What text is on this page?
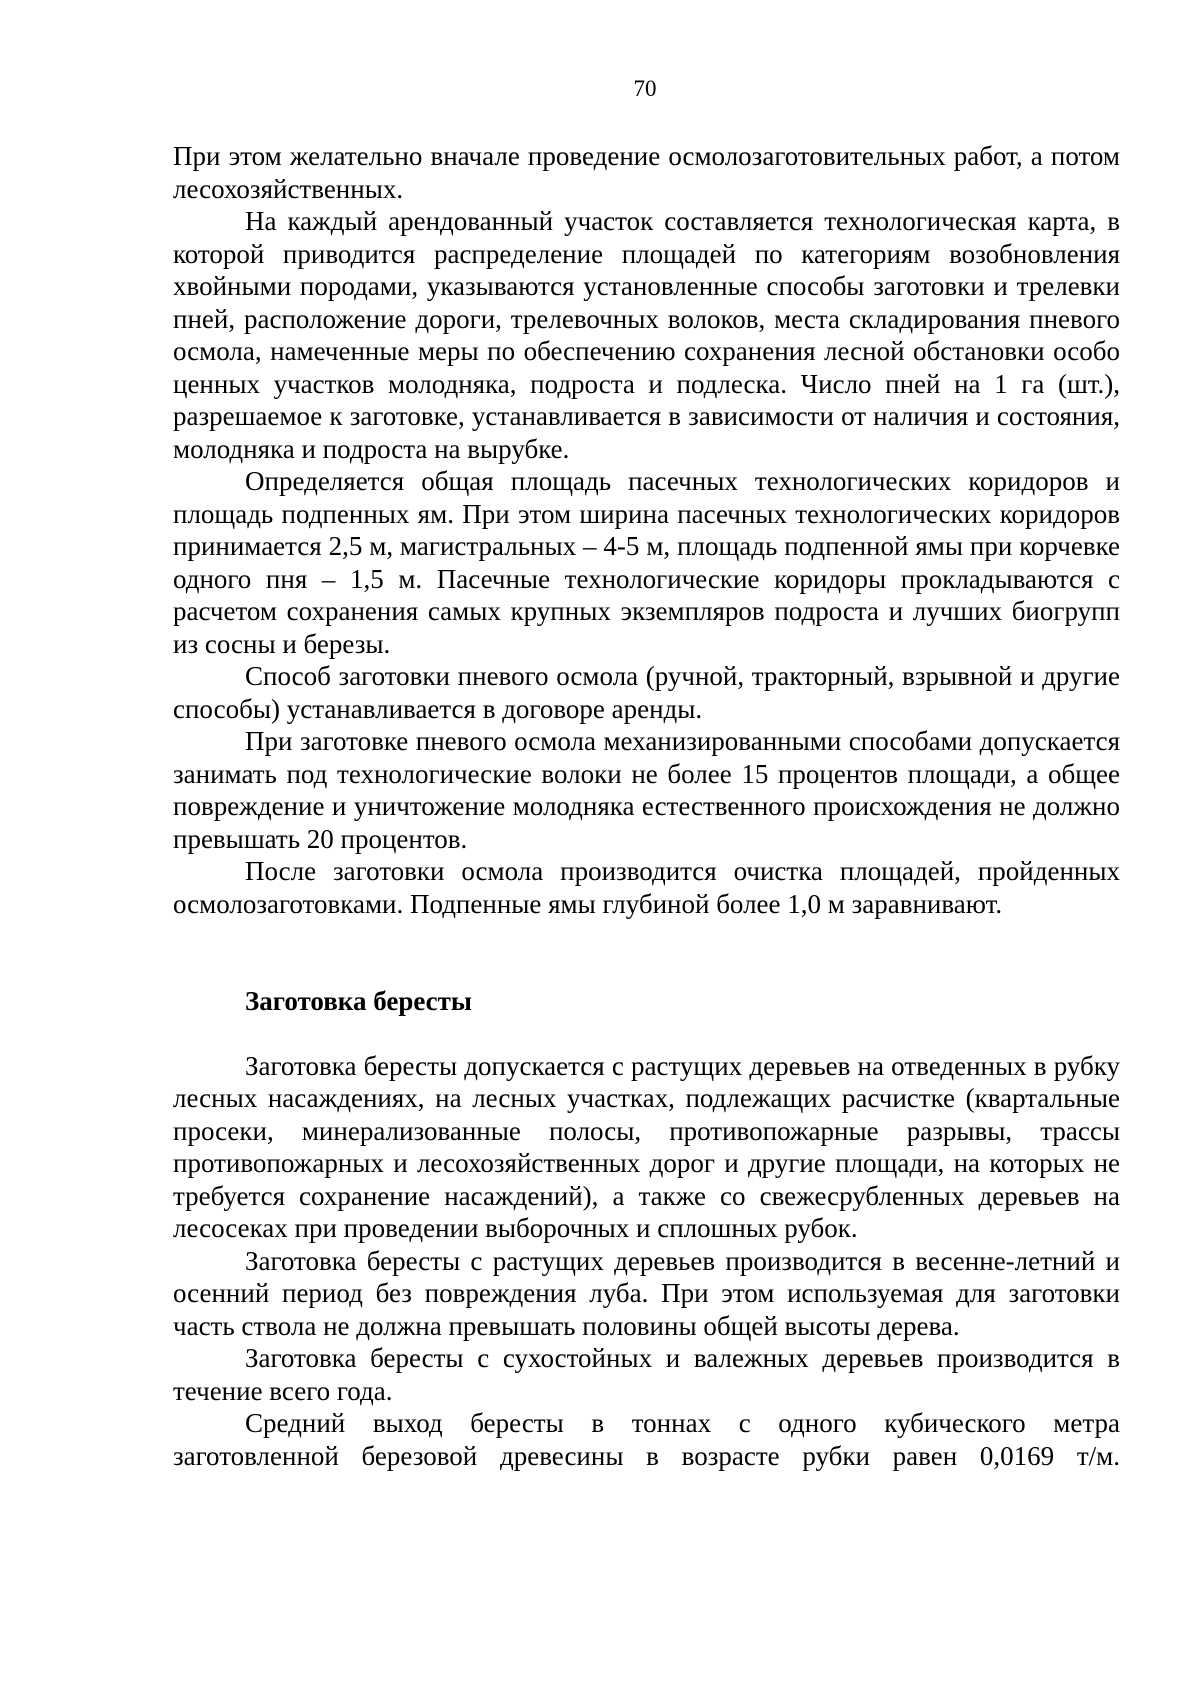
70

При этом желательно вначале проведение осмолозаготовительных работ, а потом лесохозяйственных.

На каждый арендованный участок составляется технологическая карта, в которой приводится распределение площадей по категориям возобновления хвойными породами, указываются установленные способы заготовки и трелевки пней, расположение дороги, трелевочных волоков, места складирования пневого осмола, намеченные меры по обеспечению сохранения лесной обстановки особо ценных участков молодняка, подроста и подлеска. Число пней на 1 га (шт.), разрешаемое к заготовке, устанавливается в зависимости от наличия и состояния, молодняка и подроста на вырубке.

Определяется общая площадь пасечных технологических коридоров и площадь подпенных ям. При этом ширина пасечных технологических коридоров принимается 2,5 м, магистральных – 4-5 м, площадь подпенной ямы при корчевке одного пня – 1,5 м. Пасечные технологические коридоры прокладываются с расчетом сохранения самых крупных экземпляров подроста и лучших биогрупп из сосны и березы.

Способ заготовки пневого осмола (ручной, тракторный, взрывной и другие способы) устанавливается в договоре аренды.

При заготовке пневого осмола механизированными способами допускается занимать под технологические волоки не более 15 процентов площади, а общее повреждение и уничтожение молодняка естественного происхождения не должно превышать 20 процентов.

После заготовки осмола производится очистка площадей, пройденных осмолозаготовками. Подпенные ямы глубиной более 1,0 м заравнивают.

Заготовка бересты

Заготовка бересты допускается с растущих деревьев на отведенных в рубку лесных насаждениях, на лесных участках, подлежащих расчистке (квартальные просеки, минерализованные полосы, противопожарные разрывы, трассы противопожарных и лесохозяйственных дорог и другие площади, на которых не требуется сохранение насаждений), а также со свежесрубленных деревьев на лесосеках при проведении выборочных и сплошных рубок.

Заготовка бересты с растущих деревьев производится в весенне-летний и осенний период без повреждения луба. При этом используемая для заготовки часть ствола не должна превышать половины общей высоты дерева.

Заготовка бересты с сухостойных и валежных деревьев производится в течение всего года.

Средний выход бересты в тоннах с одного кубического метра заготовленной березовой древесины в возрасте рубки равен 0,0169 т/м.
